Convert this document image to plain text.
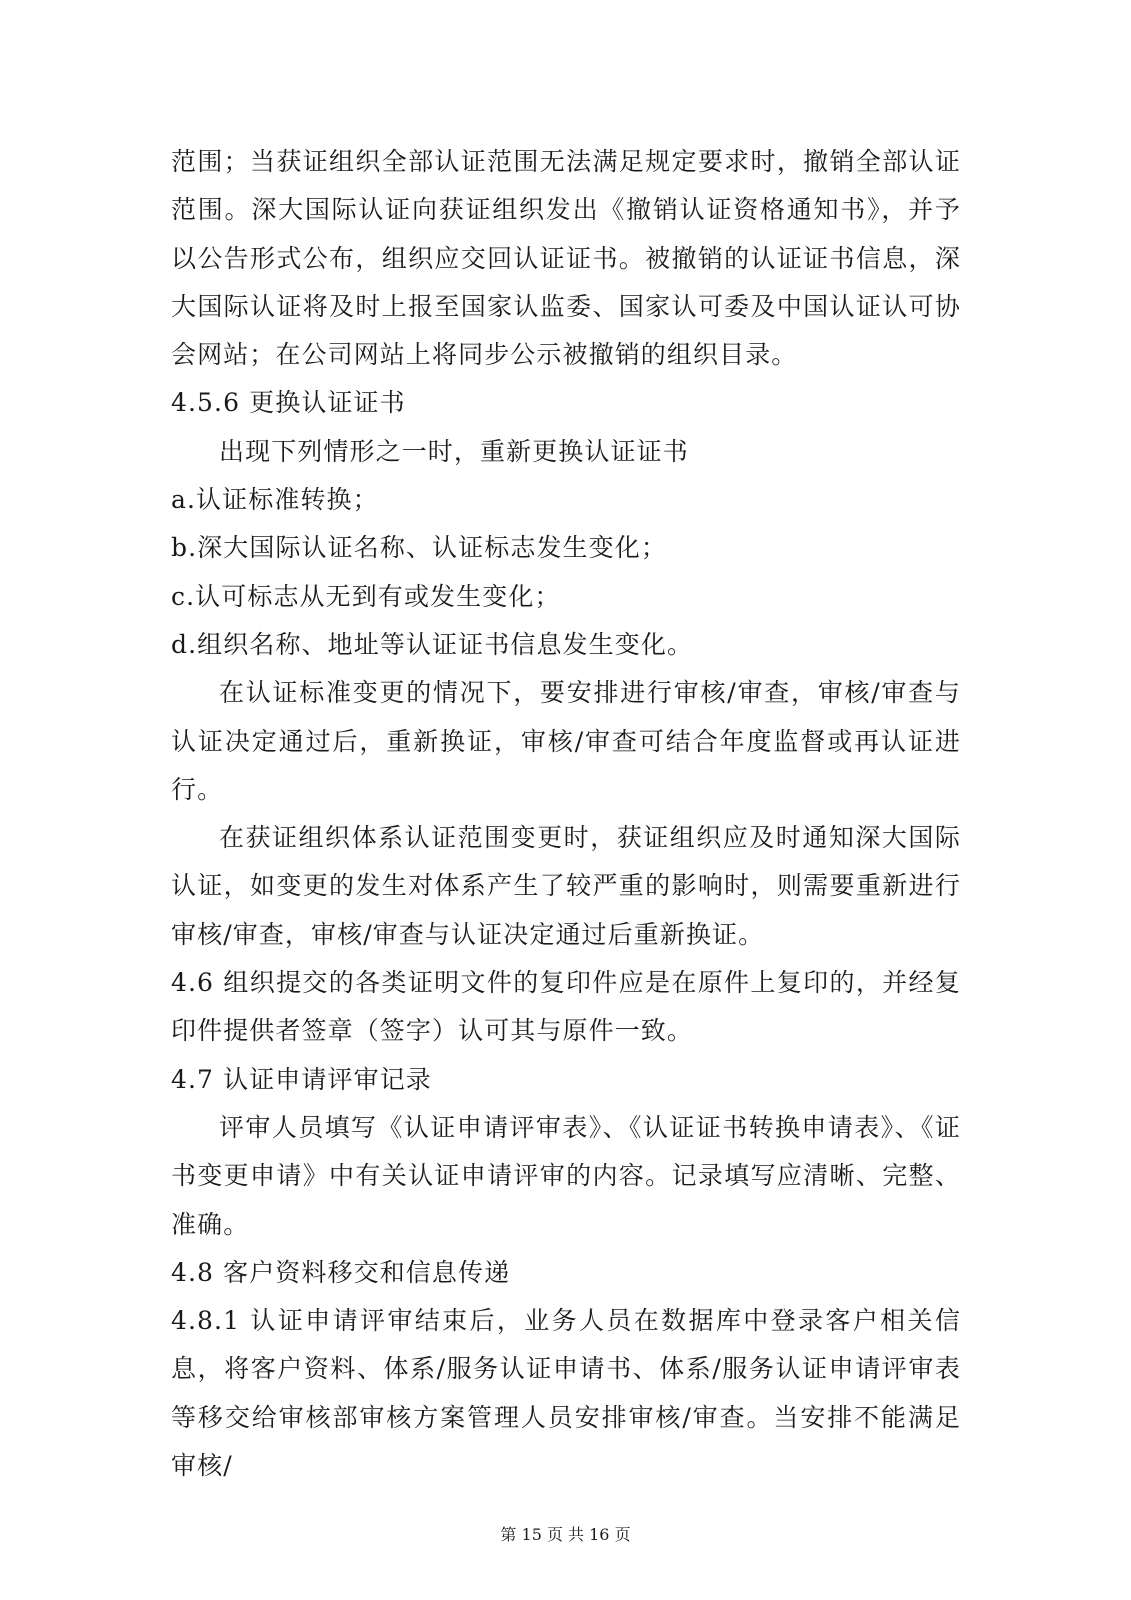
范围；当获证组织全部认证范围无法满足规定要求时，撤销全部认证范围。深大国际认证向获证组织发出《撤销认证资格通知书》，并予以公告形式公布，组织应交回认证证书。被撤销的认证证书信息，深大国际认证将及时上报至国家认监委、国家认可委及中国认证认可协会网站；在公司网站上将同步公示被撤销的组织目录。

4.5.6 更换认证证书

出现下列情形之一时，重新更换认证证书

a.认证标准转换；

b.深大国际认证名称、认证标志发生变化；

c.认可标志从无到有或发生变化；

d.组织名称、地址等认证证书信息发生变化。

在认证标准变更的情况下，要安排进行审核/审查，审核/审查与认证决定通过后，重新换证，审核/审查可结合年度监督或再认证进行。

在获证组织体系认证范围变更时，获证组织应及时通知深大国际认证，如变更的发生对体系产生了较严重的影响时，则需要重新进行审核/审查，审核/审查与认证决定通过后重新换证。

4.6 组织提交的各类证明文件的复印件应是在原件上复印的，并经复印件提供者签章（签字）认可其与原件一致。

4.7 认证申请评审记录

评审人员填写《认证申请评审表》、《认证证书转换申请表》、《证书变更申请》中有关认证申请评审的内容。记录填写应清晰、完整、准确。

4.8 客户资料移交和信息传递

4.8.1 认证申请评审结束后，业务人员在数据库中登录客户相关信息，将客户资料、体系/服务认证申请书、体系/服务认证申请评审表等移交给审核部审核方案管理人员安排审核/审查。当安排不能满足审核/

第 15 页 共 16 页
